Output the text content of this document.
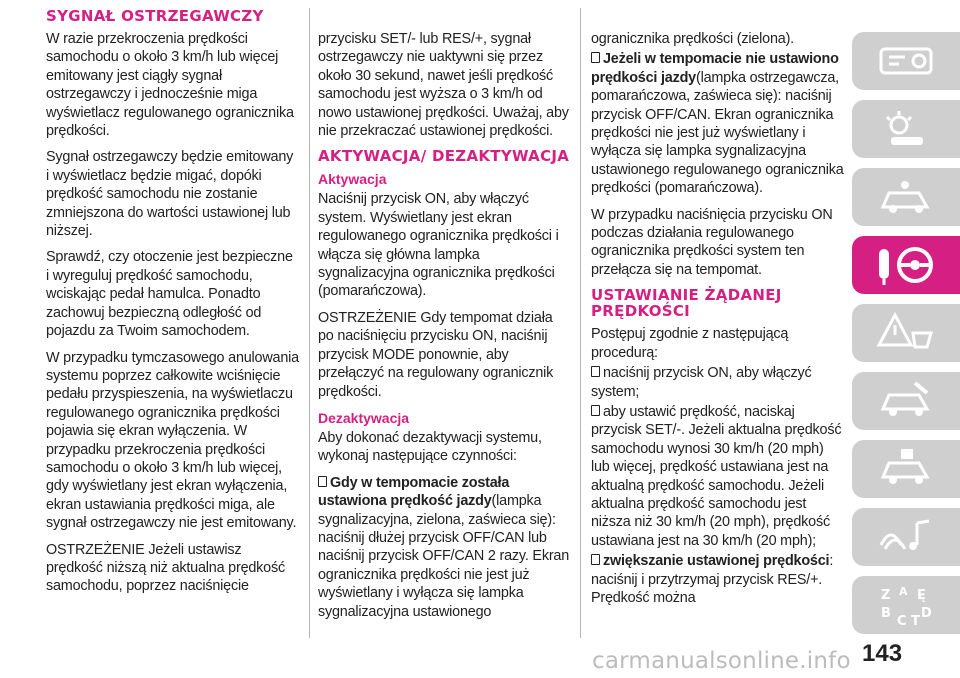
SYGNAŁ OSTRZEGAWCZY

W razie przekroczenia prędkości samochodu o około 3 km/h lub więcej emitowany jest ciągły sygnał ostrzegawczy i jednocześnie miga wyświetlacz regulowanego ogranicznika prędkości.

Sygnał ostrzegawczy będzie emitowany i wyświetlacz będzie migać, dopóki prędkość samochodu nie zostanie zmniejszona do wartości ustawionej lub niższej.

Sprawdź, czy otoczenie jest bezpieczne i wyreguluj prędkość samochodu, wciskając pedał hamulca. Ponadto zachowuj bezpieczną odległość od pojazdu za Twoim samochodem.

W przypadku tymczasowego anulowania systemu poprzez całkowite wciśnięcie pedału przyspieszenia, na wyświetlaczu regulowanego ogranicznika prędkości pojawia się ekran wyłączenia. W przypadku przekroczenia prędkości samochodu o około 3 km/h lub więcej, gdy wyświetlany jest ekran wyłączenia, ekran ustawiania prędkości miga, ale sygnał ostrzegawczy nie jest emitowany.

OSTRZEŻENIE Jeżeli ustawisz prędkość niższą niż aktualna prędkość samochodu, poprzez naciśnięcie

przycisku SET/- lub RES/+, sygnał ostrzegawczy nie uaktywni się przez około 30 sekund, nawet jeśli prędkość samochodu jest wyższa o 3 km/h od nowo ustawionej prędkości. Uważaj, aby nie przekraczać ustawionej prędkości.

AKTYWACJA/ DEZAKTYWACJA
Aktywacja

Naciśnij przycisk ON, aby włączyć system. Wyświetlany jest ekran regulowanego ogranicznika prędkości i włącza się główna lampka sygnalizacyjna ogranicznika prędkości (pomarańczowa).

OSTRZEŻENIE Gdy tempomat działa po naciśnięciu przycisku ON, naciśnij przycisk MODE ponownie, aby przełączyć na regulowany ogranicznik prędkości.

Dezaktywacja

Aby dokonać dezaktywacji systemu, wykonaj następujące czynności:

Gdy w tempomacie została ustawiona prędkość jazdy(lampka sygnalizacyjna, zielona, zaświeca się): naciśnij dłużej przycisk OFF/CAN lub naciśnij przycisk OFF/CAN 2 razy. Ekran ogranicznika prędkości nie jest już wyświetlany i wyłącza się lampka sygnalizacyjna ustawionego

ogranicznika prędkości (zielona).

Jeżeli w tempomacie nie ustawiono prędkości jazdy(lampka ostrzegawcza, pomarańczowa, zaświeca się): naciśnij przycisk OFF/CAN. Ekran ogranicznika prędkości nie jest już wyświetlany i wyłącza się lampka sygnalizacyjna ustawionego regulowanego ogranicznika prędkości (pomarańczowa).

W przypadku naciśnięcia przycisku ON podczas działania regulowanego ogranicznika prędkości system ten przełącza się na tempomat.

USTAWIANIE ŻĄDANEJ PRĘDKOŚCI

Postępuj zgodnie z następującą procedurą:

naciśnij przycisk ON, aby włączyć system;
aby ustawić prędkość, naciskaj przycisk SET/-. Jeżeli aktualna prędkość samochodu wynosi 30 km/h (20 mph) lub więcej, prędkość ustawiana jest na aktualną prędkość samochodu. Jeżeli aktualna prędkość samochodu jest niższa niż 30 km/h (20 mph), prędkość ustawiana jest na 30 km/h (20 mph);
zwiększanie ustawionej prędkości: naciśnij i przytrzymaj przycisk RES/+. Prędkość można	Z A Ę
B
C T
D
carmanualsonline.info 143
